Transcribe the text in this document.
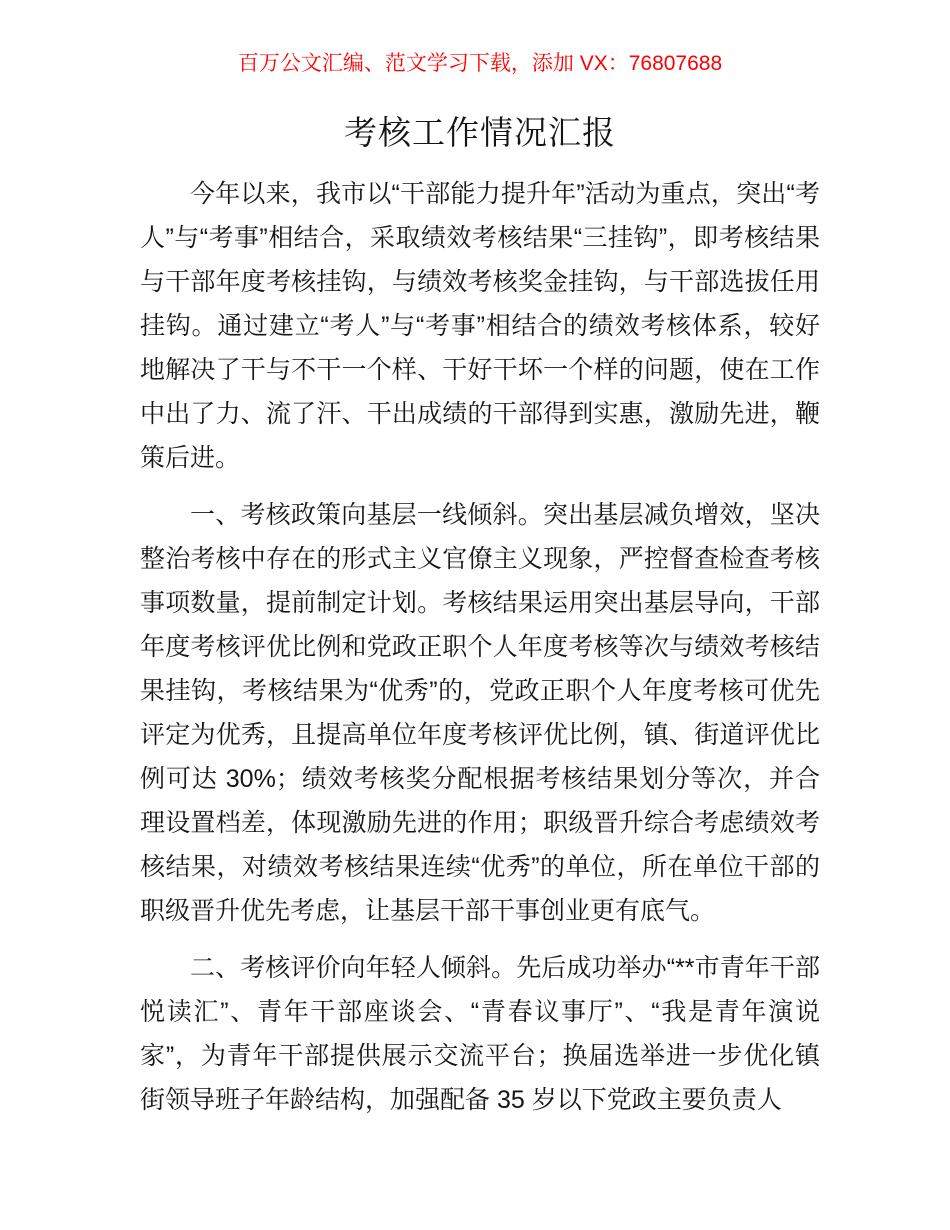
百万公文汇编、范文学习下载，添加 VX：76807688
考核工作情况汇报

今年以来，我市以“干部能力提升年”活动为重点，突出“考人”与“考事”相结合，采取绩效考核结果“三挂钩”，即考核结果与干部年度考核挂钩，与绩效考核奖金挂钩，与干部选拔任用挂钩。通过建立“考人”与“考事”相结合的绩效考核体系，较好地解决了干与不干一个样、干好干坏一个样的问题，使在工作中出了力、流了汗、干出成绩的干部得到实惠，激励先进，鞭策后进。

一、考核政策向基层一线倾斜。突出基层减负增效，坚决整治考核中存在的形式主义官僚主义现象，严控督查检查考核事项数量，提前制定计划。考核结果运用突出基层导向，干部年度考核评优比例和党政正职个人年度考核等次与绩效考核结果挂钩，考核结果为“优秀”的，党政正职个人年度考核可优先评定为优秀，且提高单位年度考核评优比例，镇、街道评优比例可达 30%；绩效考核奖分配根据考核结果划分等次，并合理设置档差，体现激励先进的作用；职级晋升综合考虑绩效考核结果，对绩效考核结果连续“优秀”的单位，所在单位干部的职级晋升优先考虑，让基层干部干事创业更有底气。

二、考核评价向年轻人倾斜。先后成功举办“**市青年干部悦读汇”、青年干部座谈会、“青春议事厅”、“我是青年演说家”，为青年干部提供展示交流平台；换届选举进一步优化镇街领导班子年龄结构，加强配备 35 岁以下党政主要负责人
